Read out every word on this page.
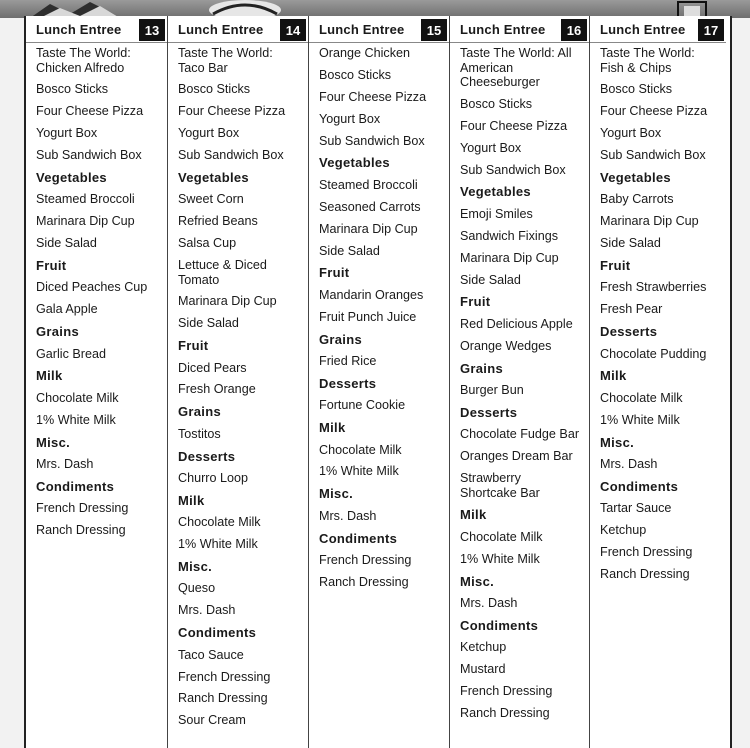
Lunch Entree	13
Taste The World:
Chicken Alfredo
Bosco Sticks
Four Cheese Pizza
Yogurt Box
Sub Sandwich Box
Vegetables
Steamed Broccoli
Marinara Dip Cup
Side Salad
Fruit
Diced Peaches Cup
Gala Apple
Grains
Garlic Bread
Milk
Chocolate Milk
1% White Milk
Misc.
Mrs. Dash
Condiments
French Dressing
Ranch Dressing
Lunch Entree	14
Taste The World:
Taco Bar
Bosco Sticks
Four Cheese Pizza
Yogurt Box
Sub Sandwich Box
Vegetables
Sweet Corn
Refried Beans
Salsa Cup
Lettuce & Diced
Tomato
Marinara Dip Cup
Side Salad
Fruit
Diced Pears
Fresh Orange
Grains
Tostitos
Desserts
Churro Loop
Milk
Chocolate Milk
1% White Milk
Misc.
Queso
Mrs. Dash
Condiments
Taco Sauce
French Dressing
Ranch Dressing
Sour Cream
Lunch Entree	15
Orange Chicken
Bosco Sticks
Four Cheese Pizza
Yogurt Box
Sub Sandwich Box
Vegetables
Steamed Broccoli
Seasoned Carrots
Marinara Dip Cup
Side Salad
Fruit
Mandarin Oranges
Fruit Punch Juice
Grains
Fried Rice
Desserts
Fortune Cookie
Milk
Chocolate Milk
1% White Milk
Misc.
Mrs. Dash
Condiments
French Dressing
Ranch Dressing
Lunch Entree	16
Taste The World: All
American
Cheeseburger
Bosco Sticks
Four Cheese Pizza
Yogurt Box
Sub Sandwich Box
Vegetables
Emoji Smiles
Sandwich Fixings
Marinara Dip Cup
Side Salad
Fruit
Red Delicious Apple
Orange Wedges
Grains
Burger Bun
Desserts
Chocolate Fudge Bar
Oranges Dream Bar
Strawberry
Shortcake Bar
Milk
Chocolate Milk
1% White Milk
Misc.
Mrs. Dash
Condiments
Ketchup
Mustard
French Dressing
Ranch Dressing
Lunch Entree	17
Taste The World:
Fish & Chips
Bosco Sticks
Four Cheese Pizza
Yogurt Box
Sub Sandwich Box
Vegetables
Baby Carrots
Marinara Dip Cup
Side Salad
Fruit
Fresh Strawberries
Fresh Pear
Desserts
Chocolate Pudding
Milk
Chocolate Milk
1% White Milk
Misc.
Mrs. Dash
Condiments
Tartar Sauce
Ketchup
French Dressing
Ranch Dressing
